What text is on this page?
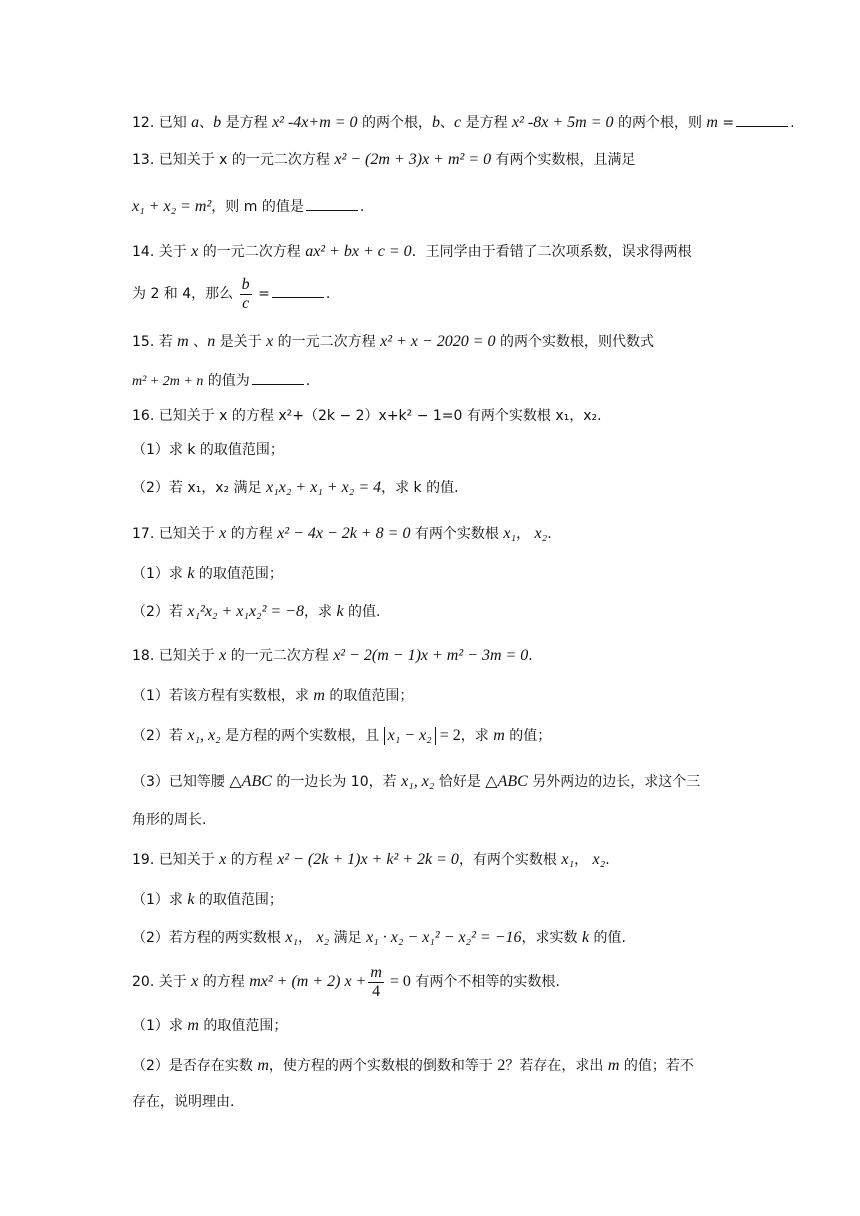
12. 已知 a、b 是方程 x² -4x+m = 0 的两个根，b、c 是方程 x² -8x + 5m = 0 的两个根，则 m =	.
13. 已知关于 x 的一元二次方程 x² − (2m + 3)x + m² = 0 有两个实数根，且满足
x₁ + x₂ = m²，则 m 的值是	.
14. 关于 x 的一元二次方程 ax² + bx + c = 0．王同学由于看错了二次项系数，误求得两根
为 2 和 4，那么 $\frac{b}{c}$ =	.
15. 若 m 、n 是关于 x 的一元二次方程 x² + x − 2020 = 0 的两个实数根，则代数式
m² + 2m + n 的值为	.
16. 已知关于 x 的方程 x²+（2k − 2）x+k² − 1=0 有两个实数根 x₁，x₂.
（1）求 k 的取值范围；
（2）若 x₁，x₂ 满足 x₁x₂ + x₁ + x₂ = 4，求 k 的值.
17. 已知关于 x 的方程 x² − 4x − 2k + 8 = 0 有两个实数根 x₁， x₂.
（1）求 k 的取值范围；
（2）若 x₁²x₂ + x₁x₂² = −8，求 k 的值.
18. 已知关于 x 的一元二次方程 x² − 2(m − 1)x + m² − 3m = 0.
（1）若该方程有实数根，求 m 的取值范围；
（2）若 x₁, x₂ 是方程的两个实数根，且 x₁ − x₂ = 2，求 m 的值；
（3）已知等腰 △ABC 的一边长为 10，若 x₁, x₂ 恰好是 △ABC 另外两边的边长，求这个三
角形的周长.
19. 已知关于 x 的方程 x² − (2k + 1)x + k² + 2k = 0，有两个实数根 x₁， x₂.
（1）求 k 的取值范围；
（2）若方程的两实数根 x₁， x₂ 满足 x₁ · x₂ − x₁² − x₂² = −16，求实数 k 的值.
20. 关于 x 的方程 mx² + (m + 2) $x + \frac{m}{4} = 0$ 有两个不相等的实数根.
（1）求 m 的取值范围；
（2）是否存在实数 m，使方程的两个实数根的倒数和等于 2？若存在，求出 m 的值；若不
存在，说明理由.
